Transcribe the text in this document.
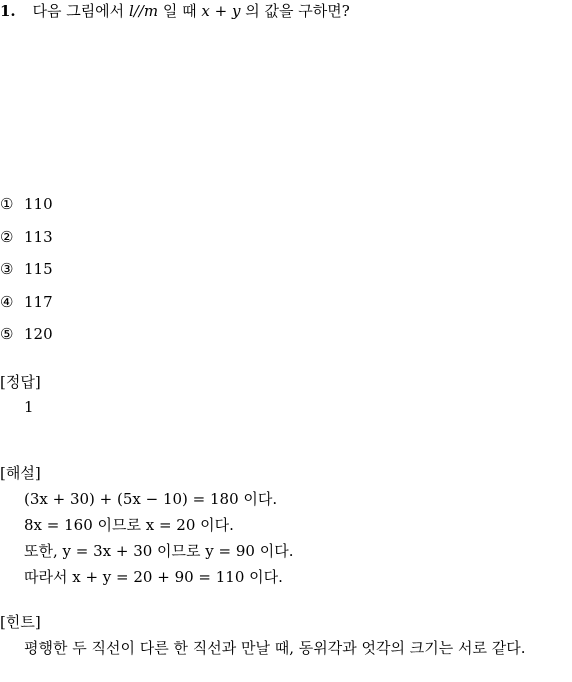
1. 다음 그림에서 l//m 일 때 x + y 의 값을 구하면?
① 110
② 113
③ 115
④ 117
⑤ 120
[정답]
1
[해설]
(3x + 30) + (5x − 10) = 180 이다.
8x = 160 이므로 x = 20 이다.
또한, y = 3x + 30 이므로 y = 90 이다.
따라서 x + y = 20 + 90 = 110 이다.
[힌트]
평행한 두 직선이 다른 한 직선과 만날 때, 동위각과 엇각의 크기는 서로 같다.
